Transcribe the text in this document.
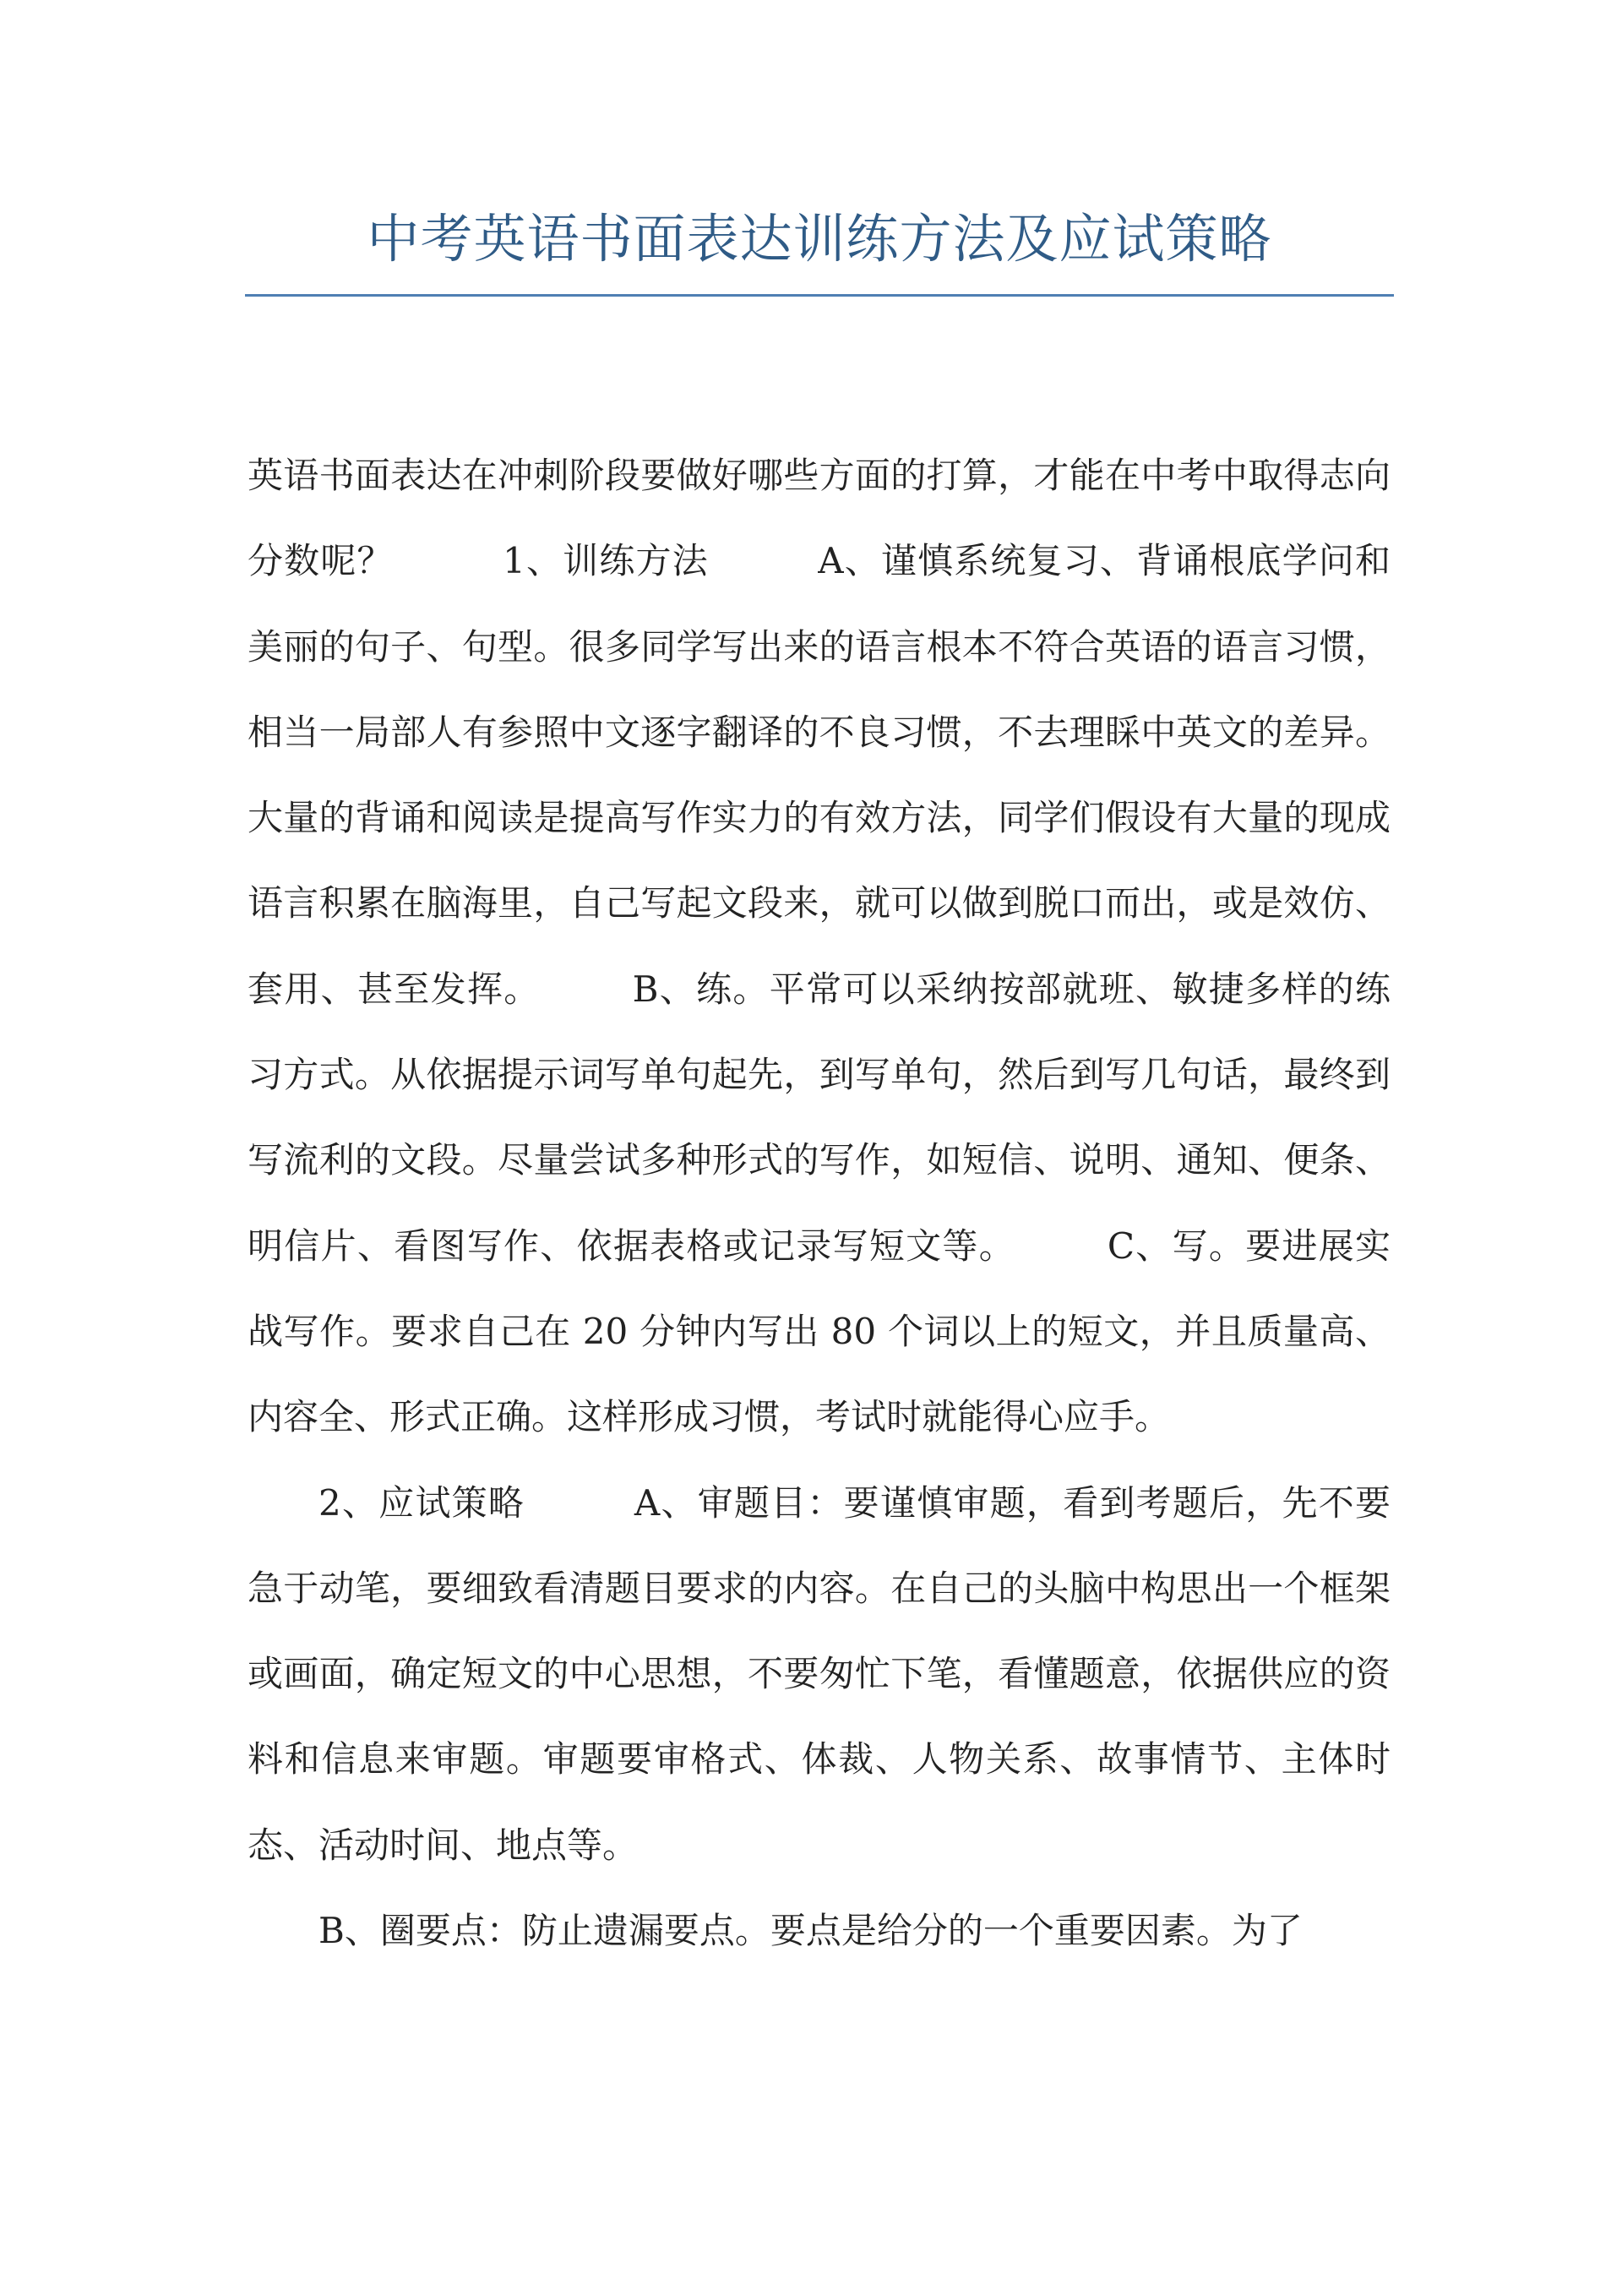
中考英语书面表达训练方法及应试策略

英语书面表达在冲刺阶段要做好哪些方面的打算，才能在中考中取得志向分数呢？　　　1、训练方法　　　A、谨慎系统复习、背诵根底学问和美丽的句子、句型。很多同学写出来的语言根本不符合英语的语言习惯，相当一局部人有参照中文逐字翻译的不良习惯，不去理睬中英文的差异。大量的背诵和阅读是提高写作实力的有效方法，同学们假设有大量的现成语言积累在脑海里，自己写起文段来，就可以做到脱口而出，或是效仿、套用、甚至发挥。　　　B、练。平常可以采纳按部就班、敏捷多样的练习方式。从依据提示词写单句起先，到写单句，然后到写几句话，最终到写流利的文段。尽量尝试多种形式的写作，如短信、说明、通知、便条、明信片、看图写作、依据表格或记录写短文等。　　　C、写。要进展实战写作。要求自己在 20 分钟内写出 80 个词以上的短文，并且质量高、内容全、形式正确。这样形成习惯，考试时就能得心应手。

2、应试策略　　　A、审题目：要谨慎审题，看到考题后，先不要急于动笔，要细致看清题目要求的内容。在自己的头脑中构思出一个框架或画面，确定短文的中心思想，不要匆忙下笔，看懂题意，依据供应的资料和信息来审题。审题要审格式、体裁、人物关系、故事情节、主体时态、活动时间、地点等。

B、圈要点：防止遗漏要点。要点是给分的一个重要因素。为了
